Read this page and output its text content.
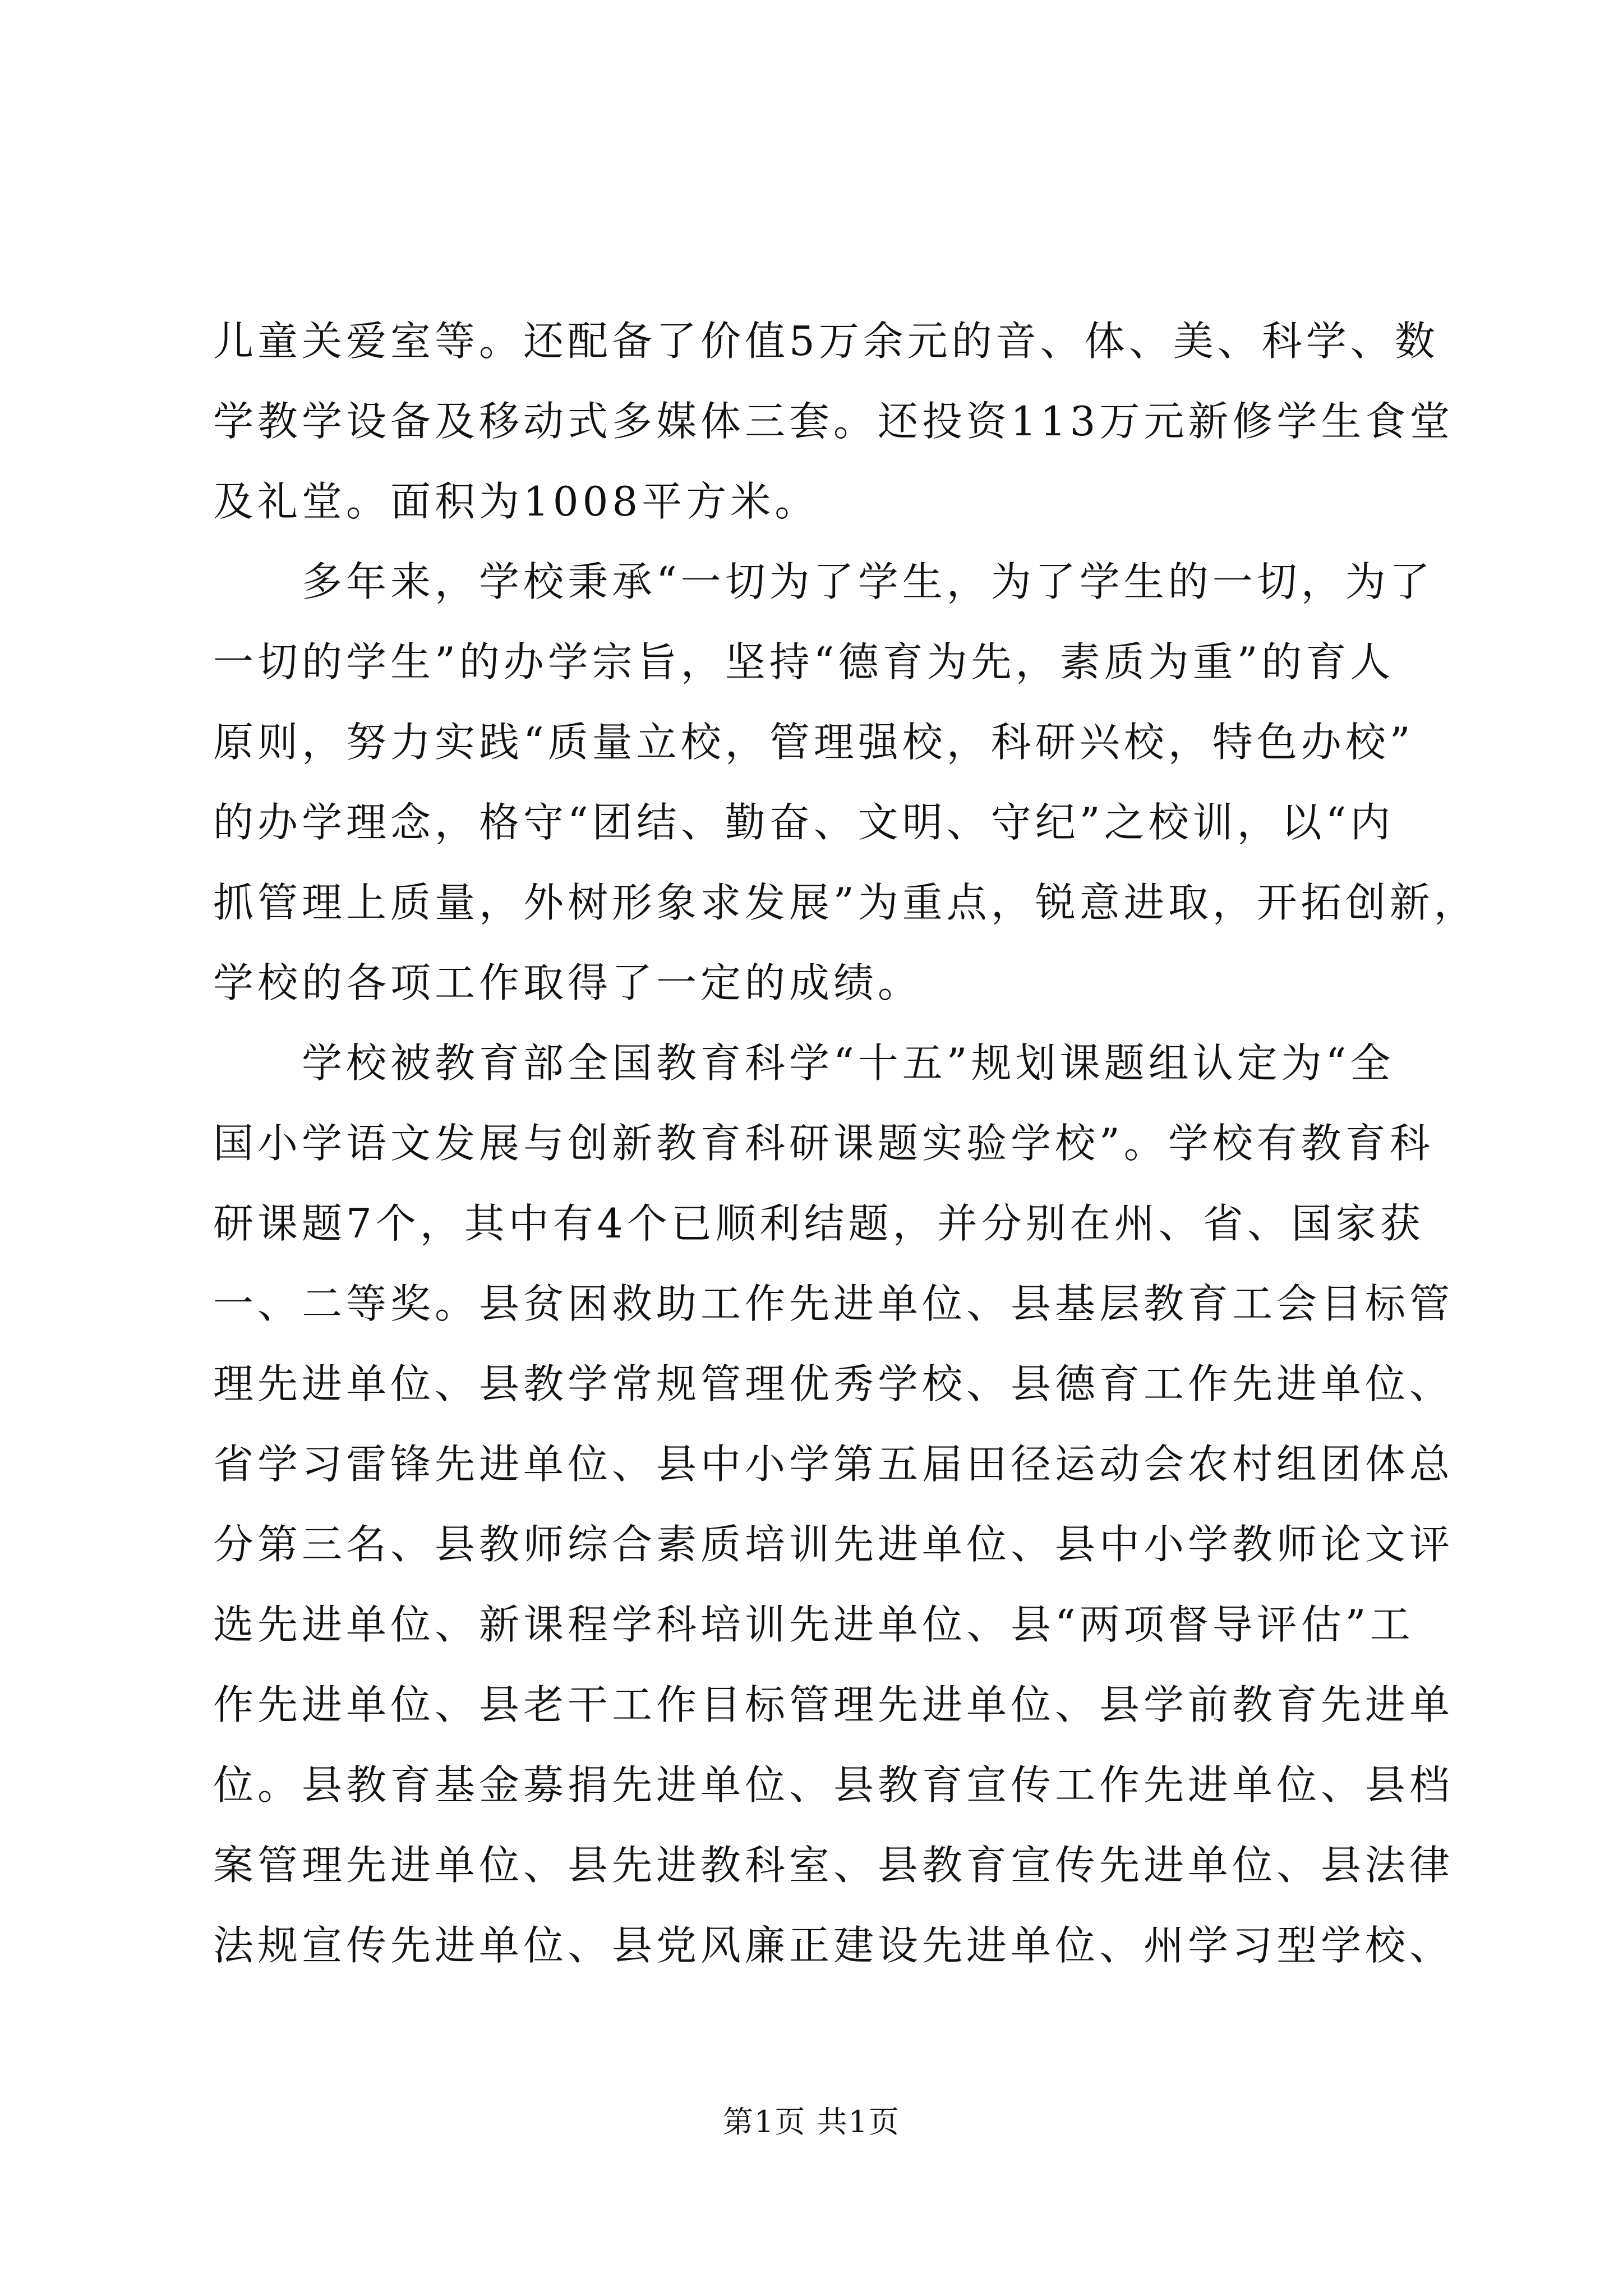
儿童关爱室等。还配备了价值5万余元的音、体、美、科学、数
学教学设备及移动式多媒体三套。还投资113万元新修学生食堂
及礼堂。面积为1008平方米。
　　多年来，学校秉承“一切为了学生，为了学生的一切，为了
一切的学生”的办学宗旨，坚持“德育为先，素质为重”的育人
原则，努力实践“质量立校，管理强校，科研兴校，特色办校”
的办学理念，格守“团结、勤奋、文明、守纪”之校训，以“内
抓管理上质量，外树形象求发展”为重点，锐意进取，开拓创新，
学校的各项工作取得了一定的成绩。
　　学校被教育部全国教育科学“十五”规划课题组认定为“全
国小学语文发展与创新教育科研课题实验学校”。学校有教育科
研课题7个，其中有4个已顺利结题，并分别在州、省、国家获
一、二等奖。县贫困救助工作先进单位、县基层教育工会目标管
理先进单位、县教学常规管理优秀学校、县德育工作先进单位、
省学习雷锋先进单位、县中小学第五届田径运动会农村组团体总
分第三名、县教师综合素质培训先进单位、县中小学教师论文评
选先进单位、新课程学科培训先进单位、县“两项督导评估”工
作先进单位、县老干工作目标管理先进单位、县学前教育先进单
位。县教育基金募捐先进单位、县教育宣传工作先进单位、县档
案管理先进单位、县先进教科室、县教育宣传先进单位、县法律
法规宣传先进单位、县党风廉正建设先进单位、州学习型学校、
第1页 共1页
